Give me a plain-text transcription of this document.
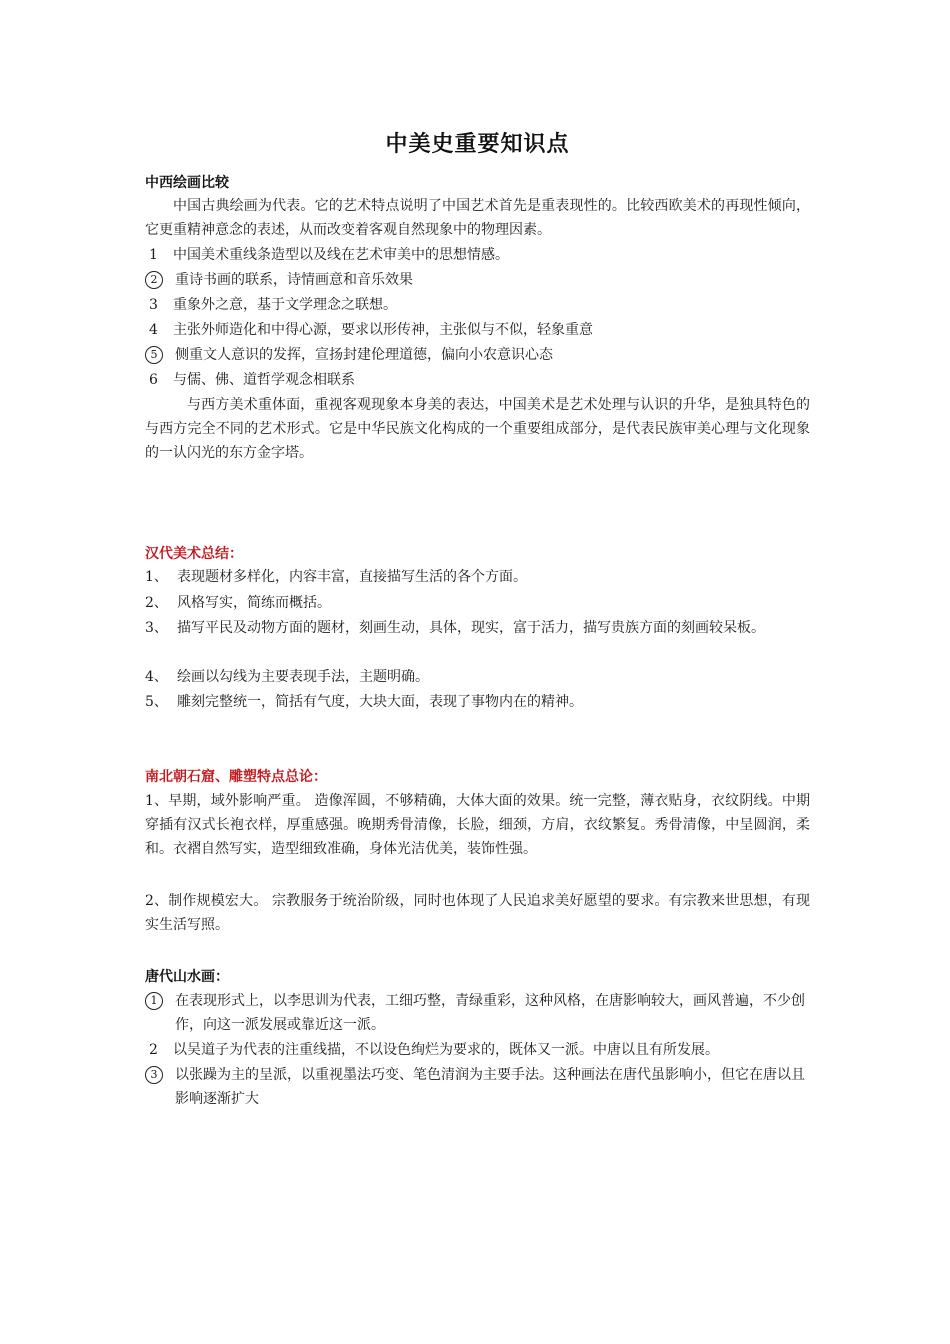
中美史重要知识点
中西绘画比较
中国古典绘画为代表。它的艺术特点说明了中国艺术首先是重表现性的。比较西欧美术的再现性倾向，它更重精神意念的表述，从而改变着客观自然现象中的物理因素。
1	中国美术重线条造型以及线在艺术审美中的思想情感。
2	重诗书画的联系，诗情画意和音乐效果
3	重象外之意，基于文学理念之联想。
4	主张外师造化和中得心源，要求以形传神，主张似与不似，轻象重意
5	侧重文人意识的发挥，宣扬封建伦理道德，偏向小农意识心态
6	与儒、佛、道哲学观念相联系
与西方美术重体面，重视客观现象本身美的表达，中国美术是艺术处理与认识的升华，是独具特色的与西方完全不同的艺术形式。它是中华民族文化构成的一个重要组成部分，是代表民族审美心理与文化现象的一认闪光的东方金字塔。
汉代美术总结：
1、 表现题材多样化，内容丰富，直接描写生活的各个方面。
2、 风格写实，简练而概括。
3、 描写平民及动物方面的题材，刻画生动，具体，现实，富于活力，描写贵族方面的刻画较呆板。
4、 绘画以勾线为主要表现手法，主题明确。
5、 雕刻完整统一，简括有气度，大块大面，表现了事物内在的精神。
南北朝石窟、雕塑特点总论：
1、早期，域外影响严重。 造像浑圆，不够精确，大体大面的效果。统一完整，薄衣贴身，衣纹阴线。中期穿插有汉式长袍衣样，厚重感强。晚期秀骨清像，长脸，细颈，方肩，衣纹繁复。秀骨清像，中呈圆润，柔和。衣褶自然写实，造型细致准确，身体光洁优美，装饰性强。
2、制作规模宏大。 宗教服务于统治阶级，同时也体现了人民追求美好愿望的要求。有宗教来世思想，有现实生活写照。
唐代山水画：
1	在表现形式上，以李思训为代表，工细巧整，青绿重彩，这种风格，在唐影响较大，画风普遍，不少创作，向这一派发展或靠近这一派。
2	以吴道子为代表的注重线描，不以设色绚烂为要求的，既体又一派。中唐以且有所发展。
3	以张躁为主的呈派，以重视墨法巧变、笔色清润为主要手法。这种画法在唐代虽影响小，但它在唐以且影响逐渐扩大
